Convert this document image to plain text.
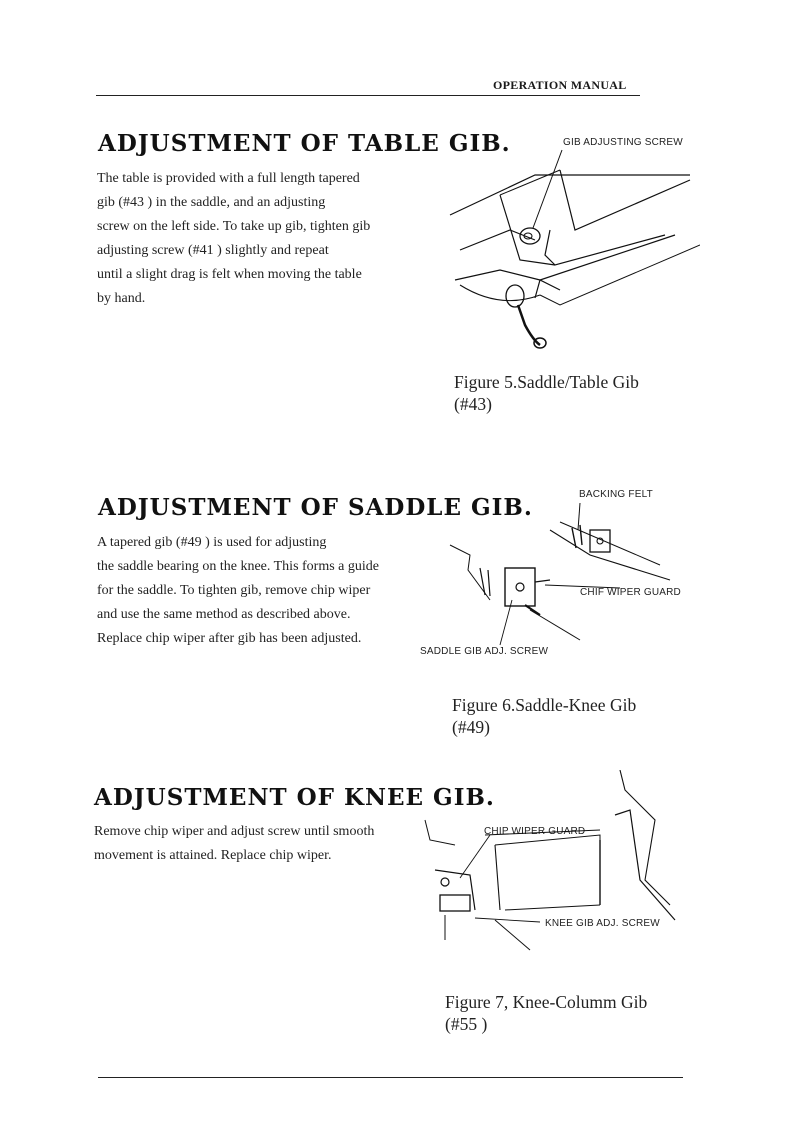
OPERATION MANUAL
ADJUSTMENT OF TABLE GIB.
The table is provided with a full length tapered
gib (#43 ) in the saddle, and an adjusting
screw on the left side. To take up gib, tighten gib
adjusting screw (#41 ) slightly and repeat
until a slight drag is felt when moving the table
by hand.
GIB ADJUSTING SCREW
Figure 5.Saddle/Table Gib
(#43)
ADJUSTMENT OF SADDLE GIB.
A tapered gib (#49 ) is used for adjusting
the saddle bearing on the knee. This forms a guide
for the saddle. To tighten gib, remove chip wiper
and use the same method as described above.
Replace chip wiper after gib has been adjusted.
BACKING FELT
CHIF WIPER GUARD
SADDLE GIB ADJ. SCREW
Figure 6.Saddle-Knee Gib
(#49)
ADJUSTMENT OF KNEE GIB.
Remove chip wiper and adjust screw until smooth
movement is attained. Replace chip wiper.
CHIP WIPER GUARD
KNEE GIB ADJ. SCREW
Figure 7, Knee-Columm Gib
(#55 )
